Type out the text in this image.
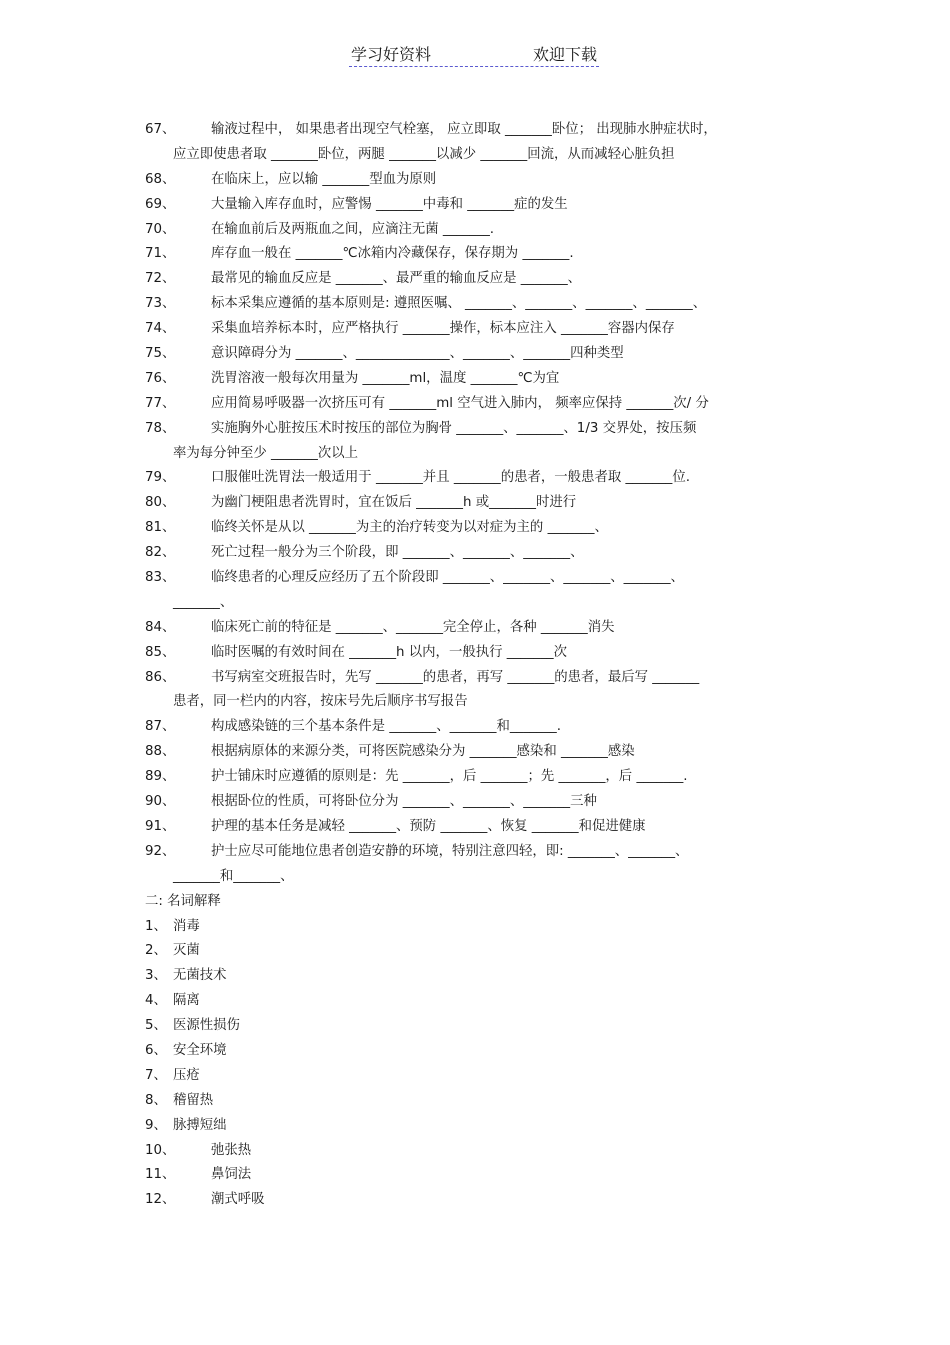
学习好资料	欢迎下载
67、	输液过程中， 如果患者出现空气栓塞， 应立即取 _______卧位； 出现肺水肿症状时，
应立即使患者取 _______卧位，两腿 _______以减少 _______回流，从而减轻心脏负担
68、	在临床上，应以输 _______型血为原则
69、	大量输入库存血时，应警惕 _______中毒和 _______症的发生
70、	在输血前后及两瓶血之间，应滴注无菌 _______.
71、	库存血一般在 _______℃冰箱内冷藏保存，保存期为 _______.
72、	最常见的输血反应是 _______、最严重的输血反应是 _______、
73、	标本采集应遵循的基本原则是: 遵照医嘱、 _______、_______、_______、_______、
74、	采集血培养标本时，应严格执行 _______操作，标本应注入 _______容器内保存
75、	意识障碍分为 _______、______________、_______、_______四种类型
76、	洗胃溶液一般每次用量为 _______ml，温度 _______℃为宜
77、	应用简易呼吸器一次挤压可有 _______ml 空气进入肺内， 频率应保持 _______次/ 分
78、	实施胸外心脏按压术时按压的部位为胸骨 _______、_______、1/3 交界处，按压频
率为每分钟至少 _______次以上
79、	口服催吐洗胃法一般适用于 _______并且 _______的患者，一般患者取 _______位.
80、	为幽门梗阻患者洗胃时，宜在饭后 _______h 或_______时进行
81、	临终关怀是从以 _______为主的治疗转变为以对症为主的 _______、
82、	死亡过程一般分为三个阶段，即 _______、_______、_______、
83、	临终患者的心理反应经历了五个阶段即 _______、_______、_______、_______、
_______、
84、	临床死亡前的特征是 _______、_______完全停止，各种 _______消失
85、	临时医嘱的有效时间在 _______h 以内，一般执行 _______次
86、	书写病室交班报告时，先写 _______的患者，再写 _______的患者，最后写 _______
患者，同一栏内的内容，按床号先后顺序书写报告
87、	构成感染链的三个基本条件是 _______、_______和_______.
88、	根据病原体的来源分类，可将医院感染分为 _______感染和 _______感染
89、	护士铺床时应遵循的原则是：先 _______，后 _______；先 _______，后 _______.
90、	根据卧位的性质，可将卧位分为 _______、_______、_______三种
91、	护理的基本任务是减轻 _______、预防 _______、恢复 _______和促进健康
92、	护士应尽可能地位患者创造安静的环境，特别注意四轻，即: _______、_______、
_______和_______、
二: 名词解释
1、 消毒
2、 灭菌
3、 无菌技术
4、 隔离
5、 医源性损伤
6、 安全环境
7、 压疮
8、 稽留热
9、 脉搏短绌
10、	弛张热
11、	鼻饲法
12、	潮式呼吸
